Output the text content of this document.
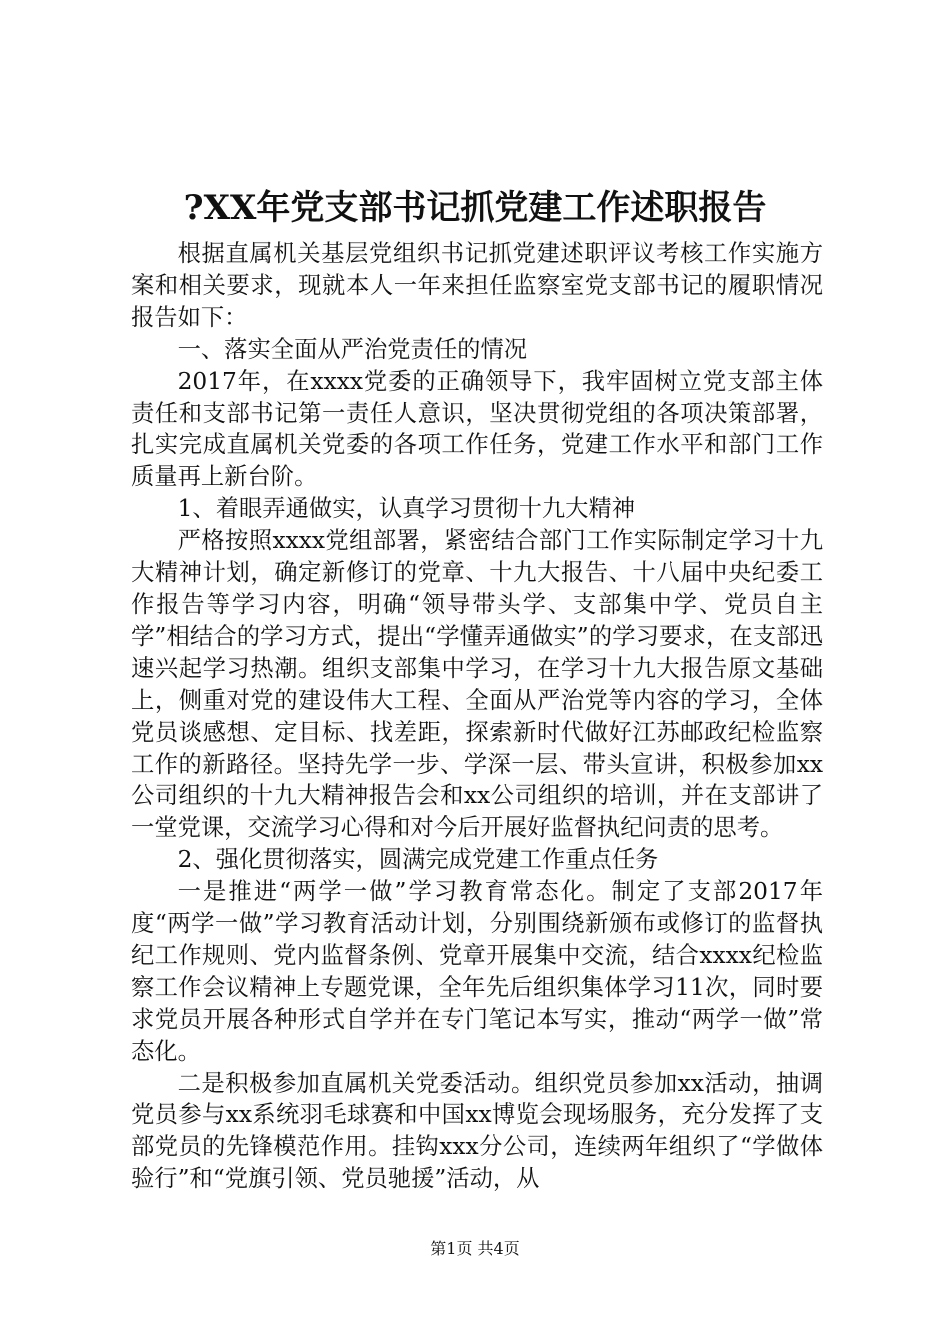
?XX年党支部书记抓党建工作述职报告

根据直属机关基层党组织书记抓党建述职评议考核工作实施方案和相关要求，现就本人一年来担任监察室党支部书记的履职情况报告如下：

一、落实全面从严治党责任的情况

2017年，在xxxx党委的正确领导下，我牢固树立党支部主体责任和支部书记第一责任人意识，坚决贯彻党组的各项决策部署，扎实完成直属机关党委的各项工作任务，党建工作水平和部门工作质量再上新台阶。

1、着眼弄通做实，认真学习贯彻十九大精神

严格按照xxxx党组部署，紧密结合部门工作实际制定学习十九大精神计划，确定新修订的党章、十九大报告、十八届中央纪委工作报告等学习内容，明确“领导带头学、支部集中学、党员自主学”相结合的学习方式，提出“学懂弄通做实”的学习要求，在支部迅速兴起学习热潮。组织支部集中学习，在学习十九大报告原文基础上，侧重对党的建设伟大工程、全面从严治党等内容的学习，全体党员谈感想、定目标、找差距，探索新时代做好江苏邮政纪检监察工作的新路径。坚持先学一步、学深一层、带头宣讲，积极参加xx公司组织的十九大精神报告会和xx公司组织的培训，并在支部讲了一堂党课，交流学习心得和对今后开展好监督执纪问责的思考。

2、强化贯彻落实，圆满完成党建工作重点任务

一是推进“两学一做”学习教育常态化。制定了支部2017年度“两学一做”学习教育活动计划，分别围绕新颁布或修订的监督执纪工作规则、党内监督条例、党章开展集中交流，结合xxxx纪检监察工作会议精神上专题党课，全年先后组织集体学习11次，同时要求党员开展各种形式自学并在专门笔记本写实，推动“两学一做”常态化。

二是积极参加直属机关党委活动。组织党员参加xx活动，抽调党员参与xx系统羽毛球赛和中国xx博览会现场服务，充分发挥了支部党员的先锋模范作用。挂钩xxx分公司，连续两年组织了“学做体验行”和“党旗引领、党员驰援”活动，从

第1页 共4页
